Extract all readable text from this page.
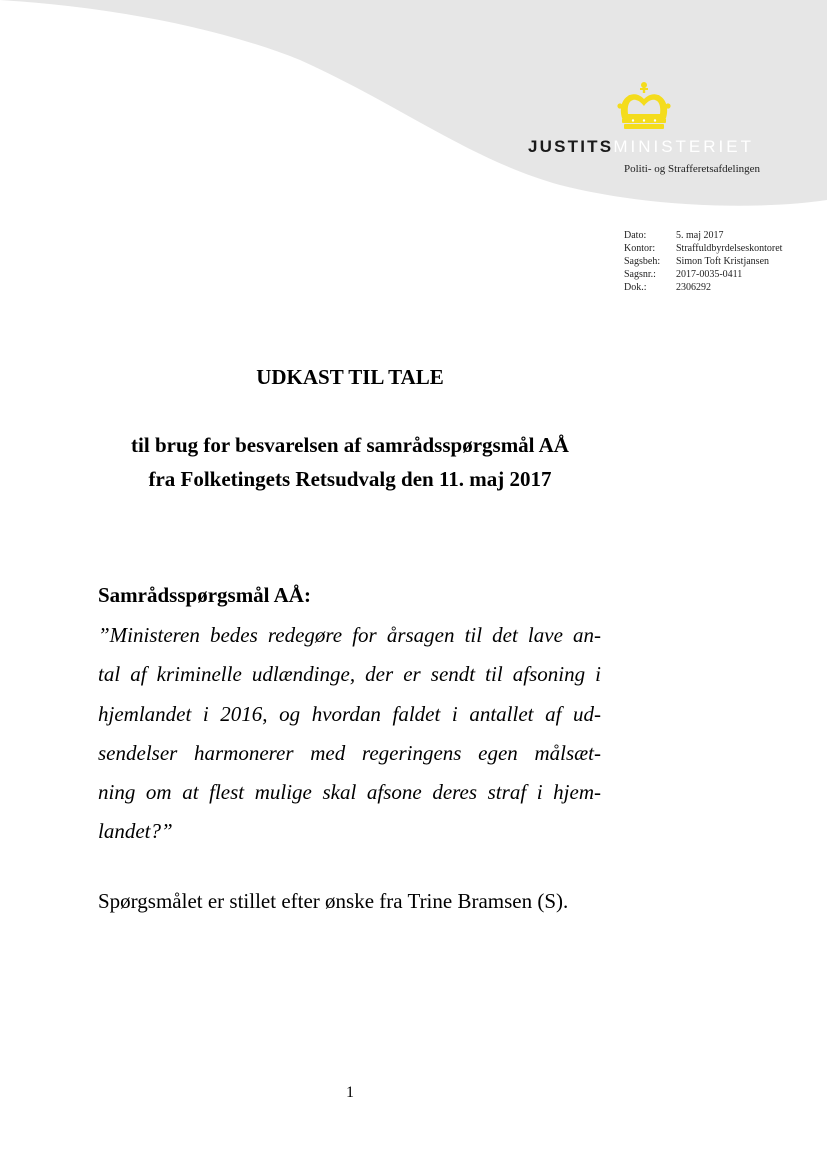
JUSTITSMINISTERIET
Politi- og Strafferetsafdelingen
Dato:	5. maj 2017
Kontor:	Straffuldbyrdelseskontoret
Sagsbeh:	Simon Toft Kristjansen
Sagsnr.:	2017-0035-0411
Dok.:	2306292
UDKAST TIL TALE
til brug for besvarelsen af samrådsspørgsmål AÅ
fra Folketingets Retsudvalg den 11. maj 2017
Samrådsspørgsmål AÅ:
”Ministeren bedes redegøre for årsagen til det lave an-
tal af kriminelle udlændinge, der er sendt til afsoning i
hjemlandet i 2016, og hvordan faldet i antallet af ud-
sendelser harmonerer med regeringens egen målsæt-
ning om at flest mulige skal afsone deres straf i hjem-
landet?”
Spørgsmålet er stillet efter ønske fra Trine Bramsen (S).
1
